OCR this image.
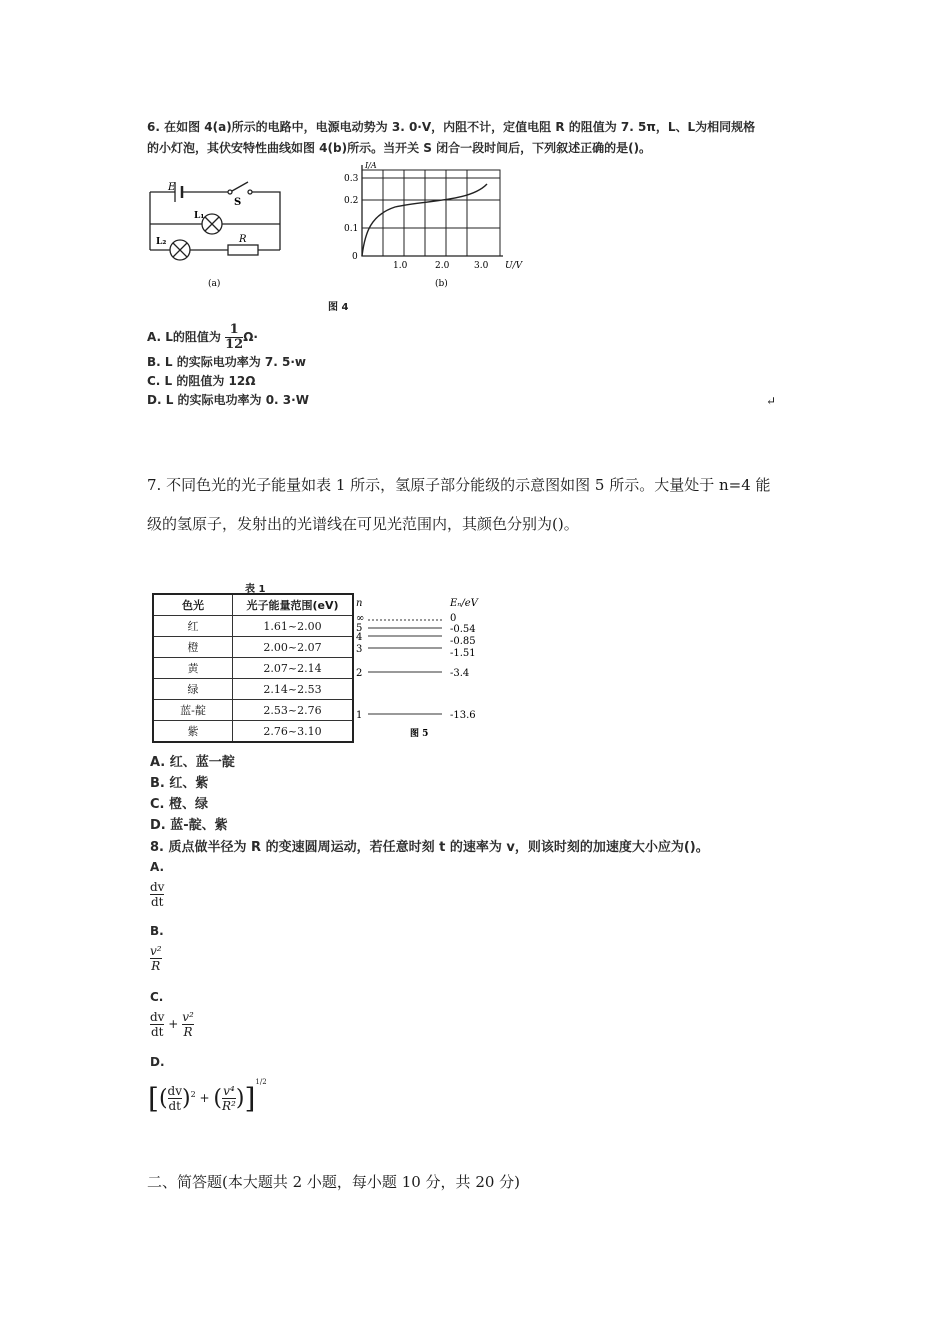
6. 在如图 4(a)所示的电路中，电源电动势为 3. 0·V，内阻不计，定值电阻 R 的阻值为 7. 5π，L、L为相同规格
的小灯泡，其伏安特性曲线如图 4(b)所示。当开关 S 闭合一段时间后，下列叙述正确的是()。
E
S
L₁
L₂	R
(a)
I/A
U/V
0
0.1
0.2
0.3
1.0	2.0	3.0
(b)
图 4
A. L的阻值为 $\frac{1}{12} \Omega\cdot$
B. L 的实际电功率为 7. 5·w
C. L 的阻值为 12Ω
D. L 的实际电功率为 0. 3·W	↵
7. 不同色光的光子能量如表 1 所示，氢原子部分能级的示意图如图 5 所示。大量处于 n=4 能
级的氢原子，发射出的光谱线在可见光范围内，其颜色分别为()。
表 1
色光	光子能量范围(eV)
红	1.61~2.00
橙	2.00~2.07
黄	2.07~2.14
绿	2.14~2.53
蓝-靛	2.53~2.76
紫	2.76~3.10
n	Eₙ/eV
∞	0
5	-0.54
4	-0.85
3	-1.51
2	-3.4
1	-13.6
图 5
A. 红、蓝一靛
B. 红、紫
C. 橙、绿
D. 蓝-靛、紫
8. 质点做半径为 R 的变速圆周运动，若任意时刻 t 的速率为 v，则该时刻的加速度大小应为()。
A.
$\frac{dv}{dt}$
B.
$\frac{\text{v²}}{R}$
C.
$\frac{dv}{dt} + \frac{\text{v²}}{R}$
D.
[( $\frac{dv}{dt} )^2$ + ( $\frac{\text{v⁴}}{\text{R²}} )]^{1/2}$
二、简答题(本大题共 2 小题，每小题 10 分，共 20 分)
